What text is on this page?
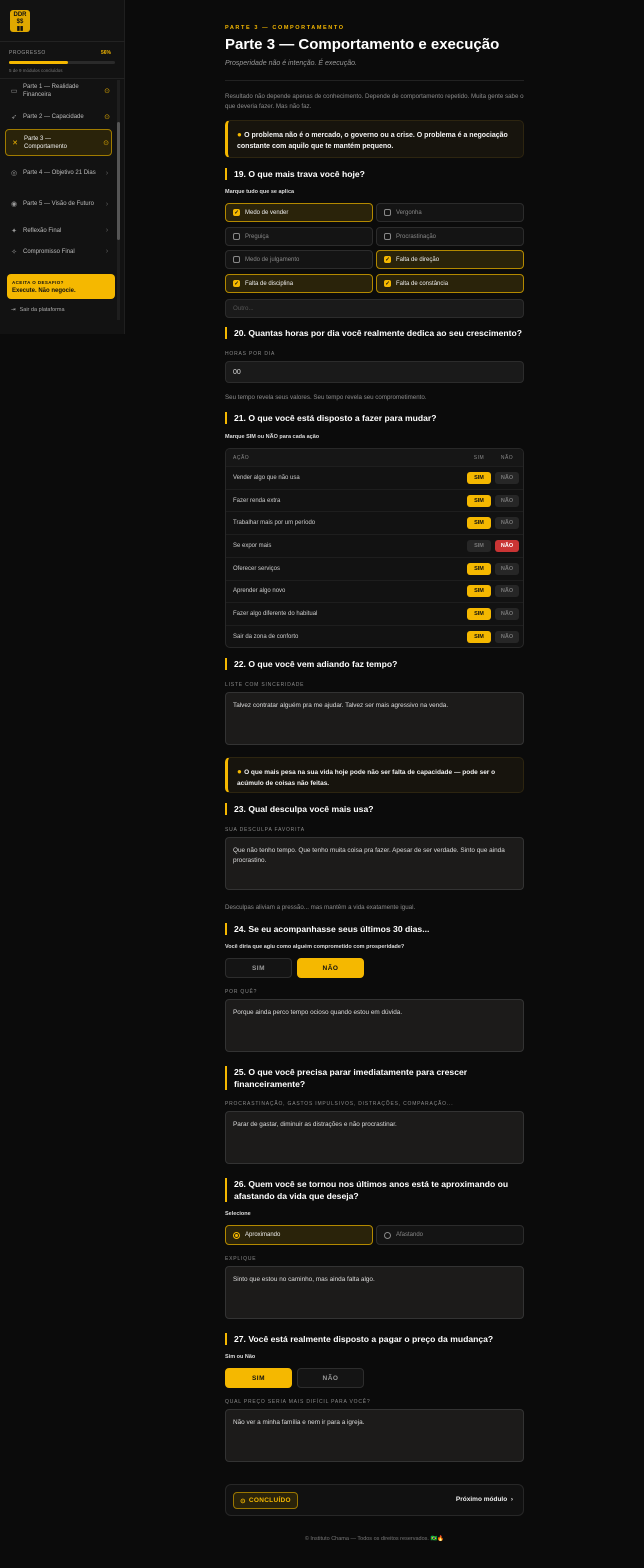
DDR
$$
▮▮
PROGRESSO	56%
5 de 9 módulos concluídos
▭
Parte 1 — Realidade Financeira	⊙
➶	Parte 2 — Capacidade	⊙
✕
Parte 3 — Comportamento	⊙
◎ Parte 4 — Objetivo 21 Dias	›
◉ Parte 5 — Visão de Futuro	›
✦	Reflexão Final	›
✧	Compromisso Final	›
ACEITA O DESAFIO?
Execute. Não negocie.
⇥ Sair da plataforma
PARTE 3 — COMPORTAMENTO
Parte 3 — Comportamento e execução
Prosperidade não é intenção. É execução.
Resultado não depende apenas de conhecimento. Depende de comportamento repetido. Muita gente sabe o que deveria fazer. Mas não faz.
● O problema não é o mercado, o governo ou a crise. O problema é a negociação constante com aquilo que te mantém pequeno.
19. O que mais trava você hoje?
Marque tudo que se aplica
✓ Medo de vender	Vergonha
Preguiça	Procrastinação
Medo de julgamento	✓ Falta de direção
✓ Falta de disciplina	✓ Falta de constância
Outro...
20. Quantas horas por dia você realmente dedica ao seu crescimento?
HORAS POR DIA
00
Seu tempo revela seus valores. Seu tempo revela seu comprometimento.
21. O que você está disposto a fazer para mudar?
Marque SIM ou NÃO para cada ação
AÇÃO	SIM	NÃO
Vender algo que não usa	SIM	NÃO
Fazer renda extra	SIM	NÃO
Trabalhar mais por um período	SIM	NÃO
Se expor mais	SIM	NÃO
Oferecer serviços	SIM	NÃO
Aprender algo novo	SIM	NÃO
Fazer algo diferente do habitual	SIM	NÃO
Sair da zona de conforto	SIM	NÃO
22. O que você vem adiando faz tempo?
LISTE COM SINCERIDADE
Talvez contratar alguém pra me ajudar. Talvez ser mais agressivo na venda.
● O que mais pesa na sua vida hoje pode não ser falta de capacidade — pode ser o acúmulo de coisas não feitas.
23. Qual desculpa você mais usa?
SUA DESCULPA FAVORITA
Que não tenho tempo. Que tenho muita coisa pra fazer. Apesar de ser verdade. Sinto que ainda procrastino.
Desculpas aliviam a pressão... mas mantêm a vida exatamente igual.
24. Se eu acompanhasse seus últimos 30 dias...
Você diria que agiu como alguém comprometido com prosperidade?
SIM	NÃO
POR QUÊ?
Porque ainda perco tempo ocioso quando estou em dúvida.
25. O que você precisa parar imediatamente para crescer financeiramente?
PROCRASTINAÇÃO, GASTOS IMPULSIVOS, DISTRAÇÕES, COMPARAÇÃO...
Parar de gastar, diminuir as distrações e não procrastinar.
26. Quem você se tornou nos últimos anos está te aproximando ou afastando da vida que deseja?
Selecione
Aproximando	Afastando
EXPLIQUE
Sinto que estou no caminho, mas ainda falta algo.
27. Você está realmente disposto a pagar o preço da mudança?
Sim ou Não
SIM	NÃO
QUAL PREÇO SERIA MAIS DIFÍCIL PARA VOCÊ?
Não ver a minha família e nem ir para a igreja.
⊙ CONCLUÍDO	Próximo módulo ›
© Instituto Chama — Todos os direitos reservados. 🇧🇷🔥
